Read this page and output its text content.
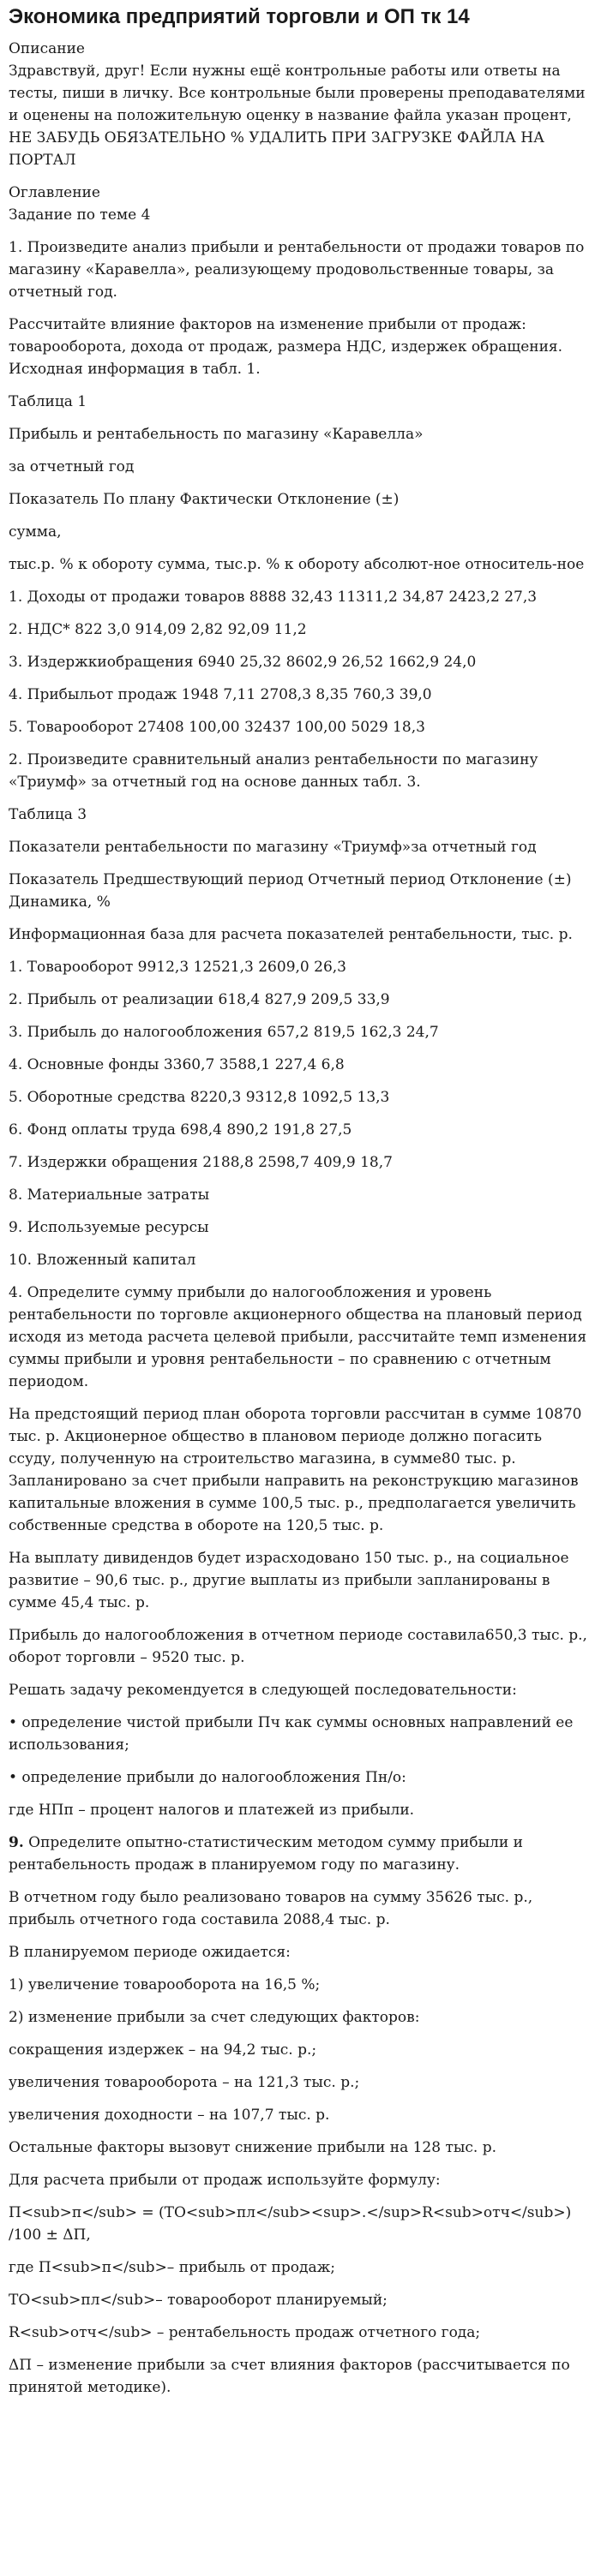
Экономика предприятий торговли и ОП тк 14
Описание
Здравствуй, друг! Если нужны ещё контрольные работы или ответы на тесты, пиши в личку. Все контрольные были проверены преподавателями и оценены на положительную оценку в название файла указан процент, НЕ ЗАБУДЬ ОБЯЗАТЕЛЬНО % УДАЛИТЬ ПРИ ЗАГРУЗКЕ ФАЙЛА НА ПОРТАЛ
Оглавление
Задание по теме 4

1. Произведите анализ прибыли и рентабельности от продажи товаров по магазину «Каравелла», реализующему продовольственные товары, за отчетный год.

Рассчитайте влияние факторов на изменение прибыли от продаж: товарооборота, дохода от продаж, размера НДС, издержек обращения. Исходная информация в табл. 1.

Таблица 1

Прибыль и рентабельность по магазину «Каравелла»

за отчетный год

Показатель По плану Фактически Отклонение (±)

сумма,

тыс.р. % к обороту сумма, тыс.р. % к обороту абсолют-ное относитель-ное

1. Доходы от продажи товаров 8888 32,43 11311,2 34,87 2423,2 27,3

2. НДС* 822 3,0 914,09 2,82 92,09 11,2

3. Издержкиобращения 6940 25,32 8602,9 26,52 1662,9 24,0

4. Прибыльот продаж 1948 7,11 2708,3 8,35 760,3 39,0

5. Товарооборот 27408 100,00 32437 100,00 5029 18,3

2. Произведите сравнительный анализ рентабельности по магазину «Триумф» за отчетный год на основе данных табл. 3.

Таблица 3

Показатели рентабельности по магазину «Триумф»за отчетный год

Показатель Предшествующий период Отчетный период Отклонение (±) Динамика, %

Информационная база для расчета показателей рентабельности, тыс. р.

1. Товарооборот 9912,3 12521,3 2609,0 26,3

2. Прибыль от реализации 618,4 827,9 209,5 33,9

3. Прибыль до налогообложения 657,2 819,5 162,3 24,7

4. Основные фонды 3360,7 3588,1 227,4 6,8

5. Оборотные средства 8220,3 9312,8 1092,5 13,3

6. Фонд оплаты труда 698,4 890,2 191,8 27,5

7. Издержки обращения 2188,8 2598,7 409,9 18,7

8. Материальные затраты

9. Используемые ресурсы

10. Вложенный капитал

4. Определите сумму прибыли до налогообложения и уровень рентабельности по торговле акционерного общества на плановый период исходя из метода расчета целевой прибыли, рассчитайте темп изменения суммы прибыли и уровня рентабельности – по сравнению с отчетным периодом.

На предстоящий период план оборота торговли рассчитан в сумме 10870 тыс. р. Акционерное общество в плановом периоде должно погасить ссуду, полученную на строительство магазина, в сумме80 тыс. р. Запланировано за счет прибыли направить на реконструкцию магазинов капитальные вложения в сумме 100,5 тыс. р., предполагается увеличить собственные средства в обороте на 120,5 тыс. р.

На выплату дивидендов будет израсходовано 150 тыс. р., на социальное развитие – 90,6 тыс. р., другие выплаты из прибыли запланированы в сумме 45,4 тыс. р.

Прибыль до налогообложения в отчетном периоде составила650,3 тыс. р., оборот торговли – 9520 тыс. р.

Решать задачу рекомендуется в следующей последовательности:

• определение чистой прибыли Пч как суммы основных направлений ее использования;

• определение прибыли до налогообложения Пн/о:

где НПп – процент налогов и платежей из прибыли.

9. Определите опытно-статистическим методом сумму прибыли и рентабельность продаж в планируемом году по магазину.

В отчетном году было реализовано товаров на сумму 35626 тыс. р., прибыль отчетного года составила 2088,4 тыс. р.

В планируемом периоде ожидается:

1) увеличение товарооборота на 16,5 %;

2) изменение прибыли за счет следующих факторов:

сокращения издержек – на 94,2 тыс. р.;

увеличения товарооборота – на 121,3 тыс. р.;

увеличения доходности – на 107,7 тыс. р.

Остальные факторы вызовут снижение прибыли на 128 тыс. р.

Для расчета прибыли от продаж используйте формулу:

П<sub>п</sub> = (ТО<sub>пл</sub><sup>.</sup>R<sub>отч</sub>) /100 ± ΔП,

где П<sub>п</sub>– прибыль от продаж;

ТО<sub>пл</sub>– товарооборот планируемый;

R<sub>отч</sub> – рентабельность продаж отчетного года;

ΔП – изменение прибыли за счет влияния факторов (рассчитывается по принятой методике).
